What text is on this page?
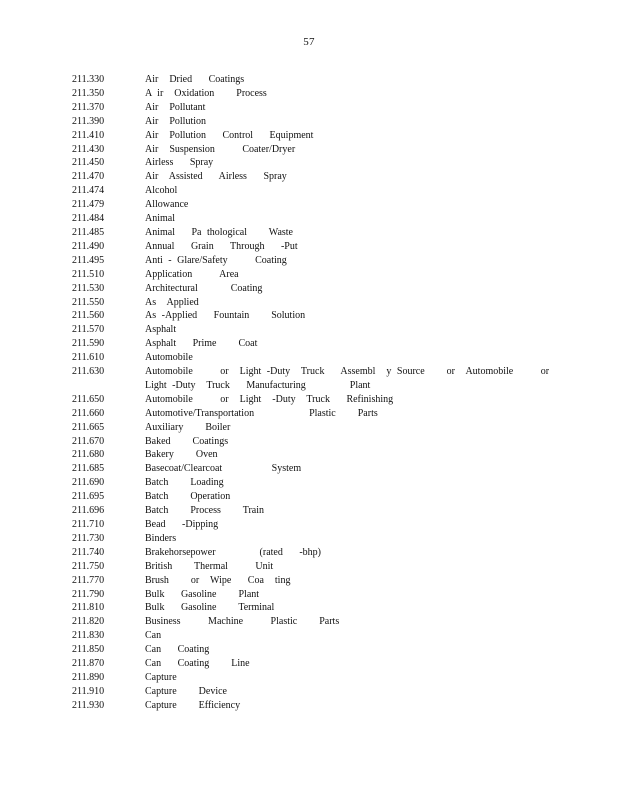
57
211.330	Air  Dried   Coatings
211.350	A ir  Oxidation    Process
211.370	Air  Pollutant
211.390	Air  Pollution
211.410	Air  Pollution   Control   Equipment
211.430	Air  Suspension     Coater/Dryer
211.450	Airless   Spray
211.470	Air  Assisted   Airless   Spray
211.474	Alcohol
211.479	Allowance
211.484	Animal
211.485	Animal   Pa thological    Waste
211.490	Annual   Grain   Through   -Put
211.495	Anti - Glare/Safety     Coating
211.510	Application     Area
211.530	Architectural      Coating
211.550	As  Applied
211.560	As -Applied   Fountain    Solution
211.570	Asphalt
211.590	Asphalt   Prime    Coat
211.610	Automobile
211.630	Automobile     or  Light -Duty  Truck   Assembl  y Source    or  Automobile     or  Light -Duty  Truck   Manufacturing        Plant
211.650	Automobile     or  Light  -Duty  Truck   Refinishing
211.660	Automotive/Transportation          Plastic    Parts
211.665	Auxiliary    Boiler
211.670	Baked    Coatings
211.680	Bakery    Oven
211.685	Basecoat/Clearcoat         System
211.690	Batch    Loading
211.695	Batch    Operation
211.696	Batch    Process    Train
211.710	Bead   -Dipping
211.730	Binders
211.740	Brakehorsepower        (rated   -bhp)
211.750	British    Thermal     Unit
211.770	Brush    or  Wipe   Coa  ting
211.790	Bulk   Gasoline    Plant
211.810	Bulk   Gasoline    Terminal
211.820	Business     Machine     Plastic    Parts
211.830	Can
211.850	Can   Coating
211.870	Can   Coating    Line
211.890	Capture
211.910	Capture    Device
211.930	Capture    Efficiency
